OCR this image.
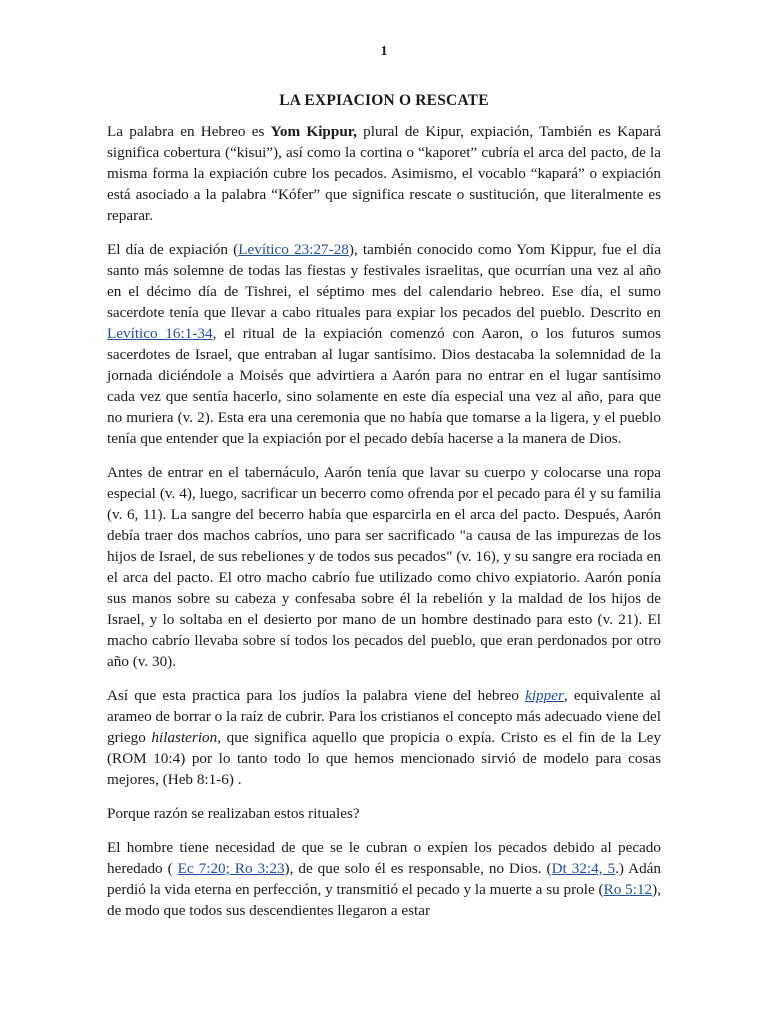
1
LA EXPIACION O RESCATE

La palabra en Hebreo es Yom Kippur, plural de Kipur, expiación, También es Kapará significa cobertura (“kisui”), así como la cortina o “kaporet” cubría el arca del pacto, de la misma forma la expiación cubre los pecados. Asimismo, el vocablo “kapará” o expiación está asociado a la palabra “Kófer” que significa rescate o sustitución, que literalmente es reparar.

El día de expiación (Levítico 23:27-28), también conocido como Yom Kippur, fue el día santo más solemne de todas las fiestas y festivales israelitas, que ocurrían una vez al año en el décimo día de Tishrei, el séptimo mes del calendario hebreo. Ese día, el sumo sacerdote tenía que llevar a cabo rituales para expiar los pecados del pueblo. Descrito en Levítico 16:1-34, el ritual de la expiación comenzó con Aaron, o los futuros sumos sacerdotes de Israel, que entraban al lugar santísimo. Dios destacaba la solemnidad de la jornada diciéndole a Moisés que advirtiera a Aarón para no entrar en el lugar santísimo cada vez que sentía hacerlo, sino solamente en este día especial una vez al año, para que no muriera (v. 2). Esta era una ceremonia que no había que tomarse a la ligera, y el pueblo tenía que entender que la expiación por el pecado debía hacerse a la manera de Dios.

Antes de entrar en el tabernáculo, Aarón tenía que lavar su cuerpo y colocarse una ropa especial (v. 4), luego, sacrificar un becerro como ofrenda por el pecado para él y su familia (v. 6, 11). La sangre del becerro había que esparcirla en el arca del pacto. Después, Aarón debía traer dos machos cabríos, uno para ser sacrificado "a causa de las impurezas de los hijos de Israel, de sus rebeliones y de todos sus pecados" (v. 16), y su sangre era rociada en el arca del pacto. El otro macho cabrío fue utilizado como chivo expiatorio. Aarón ponía sus manos sobre su cabeza y confesaba sobre él la rebelión y la maldad de los hijos de Israel, y lo soltaba en el desierto por mano de un hombre destinado para esto (v. 21). El macho cabrío llevaba sobre sí todos los pecados del pueblo, que eran perdonados por otro año (v. 30).

Así que esta practica para los judíos la palabra viene del hebreo kipper, equivalente al arameo de borrar o la raíz de cubrir. Para los cristianos el concepto más adecuado viene del griego hilasterion, que significa aquello que propicia o expía. Cristo es el fin de la Ley (ROM 10:4) por lo tanto todo lo que hemos mencionado sirvió de modelo para cosas mejores, (Heb 8:1-6) .

Porque razón se realizaban estos rituales?

El hombre tiene necesidad de que se le cubran o expíen los pecados debido al pecado heredado ( Ec 7:20; Ro 3:23), de que solo él es responsable, no Dios. (Dt 32:4, 5.) Adán perdió la vida eterna en perfección, y transmitió el pecado y la muerte a su prole (Ro 5:12), de modo que todos sus descendientes llegaron a estar
